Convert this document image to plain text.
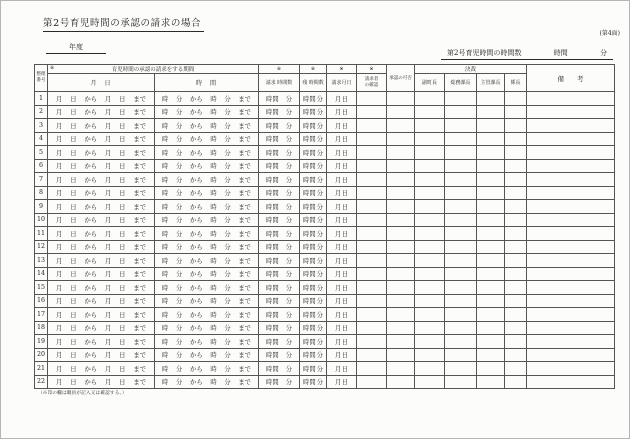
第2号育児時間の承認の請求の場合
(第4面)
年度
第2号育児時間の時間数	時間	分
整理番号	※ 育児時間の承認の請求をする期間		※	※	※	※	承認の可否	決裁				備　　考
	月　日	時　間	請求 時間数	残 時間数	請求月日	請求者
の確認		副町長	総務課長	主管課長	係長	
1	月 日 から 月 日 まで	時 分 から 時 分 まで	時間 分	時間 分	月 日

2	月 日 から 月 日 まで	時 分 から 時 分 まで	時間 分	時間 分	月 日

3	月 日 から 月 日 まで	時 分 から 時 分 まで	時間 分	時間 分	月 日

4	月 日 から 月 日 まで	時 分 から 時 分 まで	時間 分	時間 分	月 日

5	月 日 から 月 日 まで	時 分 から 時 分 まで	時間 分	時間 分	月 日

6	月 日 から 月 日 まで	時 分 から 時 分 まで	時間 分	時間 分	月 日

7	月 日 から 月 日 まで	時 分 から 時 分 まで	時間 分	時間 分	月 日

8	月 日 から 月 日 まで	時 分 から 時 分 まで	時間 分	時間 分	月 日

9	月 日 から 月 日 まで	時 分 から 時 分 まで	時間 分	時間 分	月 日

10	月 日 から 月 日 まで	時 分 から 時 分 まで	時間 分	時間 分	月 日

11	月 日 から 月 日 まで	時 分 から 時 分 まで	時間 分	時間 分	月 日

12	月 日 から 月 日 まで	時 分 から 時 分 まで	時間 分	時間 分	月 日

13	月 日 から 月 日 まで	時 分 から 時 分 まで	時間 分	時間 分	月 日

14	月 日 から 月 日 まで	時 分 から 時 分 まで	時間 分	時間 分	月 日

15	月 日 から 月 日 まで	時 分 から 時 分 まで	時間 分	時間 分	月 日

16	月 日 から 月 日 まで	時 分 から 時 分 まで	時間 分	時間 分	月 日

17	月 日 から 月 日 まで	時 分 から 時 分 まで	時間 分	時間 分	月 日

18	月 日 から 月 日 まで	時 分 から 時 分 まで	時間 分	時間 分	月 日

19	月 日 から 月 日 まで	時 分 から 時 分 まで	時間 分	時間 分	月 日

20	月 日 から 月 日 まで	時 分 から 時 分 まで	時間 分	時間 分	月 日

21	月 日 から 月 日 まで	時 分 から 時 分 まで	時間 分	時間 分	月 日

22	月 日 から 月 日 まで	時 分 から 時 分 まで	時間 分	時間 分	月 日

（※印の欄は職員が記入又は確認する。）
